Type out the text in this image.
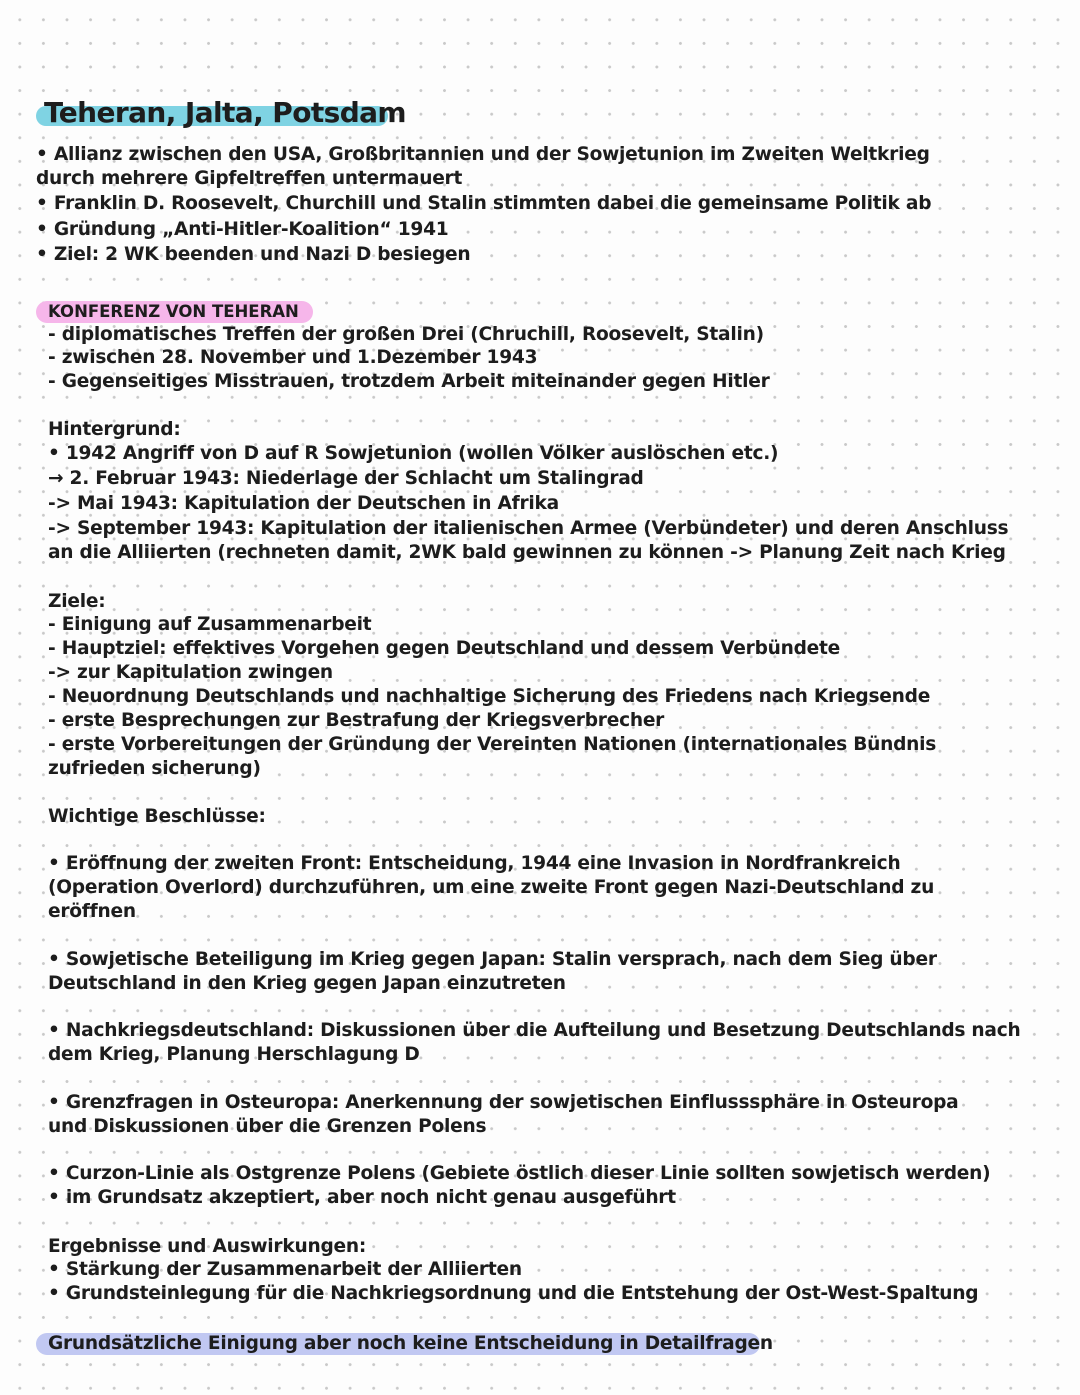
Teheran, Jalta, Potsdam
• Allianz zwischen den USA, Großbritannien und der Sowjetunion im Zweiten Weltkrieg
durch mehrere Gipfeltreffen untermauert
• Franklin D. Roosevelt, Churchill und Stalin stimmten dabei die gemeinsame Politik ab
• Gründung „Anti-Hitler-Koalition“ 1941
• Ziel: 2 WK beenden und Nazi D besiegen
KONFERENZ VON TEHERAN
- diplomatisches Treffen der großen Drei (Chruchill, Roosevelt, Stalin)
- zwischen 28. November und 1.Dezember 1943
- Gegenseitiges Misstrauen, trotzdem Arbeit miteinander gegen Hitler
Hintergrund:
• 1942 Angriff von D auf R Sowjetunion (wollen Völker auslöschen etc.)
→ 2. Februar 1943: Niederlage der Schlacht um Stalingrad
-> Mai 1943: Kapitulation der Deutschen in Afrika
-> September 1943: Kapitulation der italienischen Armee (Verbündeter) und deren Anschluss
an die Alliierten (rechneten damit, 2WK bald gewinnen zu können -> Planung Zeit nach Krieg
Ziele:
- Einigung auf Zusammenarbeit
- Hauptziel: effektives Vorgehen gegen Deutschland und dessem Verbündete
-> zur Kapitulation zwingen
- Neuordnung Deutschlands und nachhaltige Sicherung des Friedens nach Kriegsende
- erste Besprechungen zur Bestrafung der Kriegsverbrecher
- erste Vorbereitungen der Gründung der Vereinten Nationen (internationales Bündnis
zufrieden sicherung)
Wichtige Beschlüsse:
• Eröffnung der zweiten Front: Entscheidung, 1944 eine Invasion in Nordfrankreich
(Operation Overlord) durchzuführen, um eine zweite Front gegen Nazi-Deutschland zu
eröffnen
• Sowjetische Beteiligung im Krieg gegen Japan: Stalin versprach, nach dem Sieg über
Deutschland in den Krieg gegen Japan einzutreten
• Nachkriegsdeutschland: Diskussionen über die Aufteilung und Besetzung Deutschlands nach
dem Krieg, Planung Herschlagung D
• Grenzfragen in Osteuropa: Anerkennung der sowjetischen Einflusssphäre in Osteuropa
und Diskussionen über die Grenzen Polens
• Curzon-Linie als Ostgrenze Polens (Gebiete östlich dieser Linie sollten sowjetisch werden)
• im Grundsatz akzeptiert, aber noch nicht genau ausgeführt
Ergebnisse und Auswirkungen:
• Stärkung der Zusammenarbeit der Alliierten
• Grundsteinlegung für die Nachkriegsordnung und die Entstehung der Ost-West-Spaltung
Grundsätzliche Einigung aber noch keine Entscheidung in Detailfragen
